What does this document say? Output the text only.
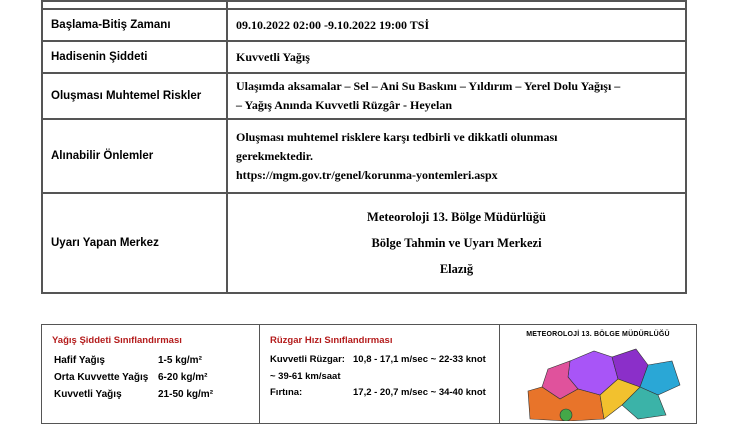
Başlama-Bitiş Zamanı	09.10.2022 02:00 -9.10.2022 19:00 TSİ
Hadisenin Şiddeti	Kuvvetli Yağış
Oluşması Muhtemel Riskler	Ulaşımda aksamalar – Sel – Ani Su Baskını – Yıldırım – Yerel Dolu Yağışı –
– Yağış Anında Kuvvetli Rüzgâr - Heyelan

Alınabilir Önlemler	Oluşması muhtemel risklere karşı tedbirli ve dikkatli olunması
gerekmektedir.
https://mgm.gov.tr/genel/korunma-yontemleri.aspx

Uyarı Yapan Merkez	Meteoroloji 13. Bölge Müdürlüğü
Bölge Tahmin ve Uyarı Merkezi
Elazığ
Yağış Şiddeti Sınıflandırması
Hafif Yağış	1-5 kg/m²
Orta Kuvvette Yağış 6-20 kg/m²
Kuvvetli Yağış	21-50 kg/m²
Rüzgar Hızı Sınıflandırması
Kuvvetli Rüzgar: 10,8 - 17,1 m/sec ~ 22-33 knot
~ 39-61 km/saat
Fırtına:	17,2 - 20,7 m/sec ~ 34-40 knot
METEOROLOJİ 13. BÖLGE MÜDÜRLÜĞÜ
